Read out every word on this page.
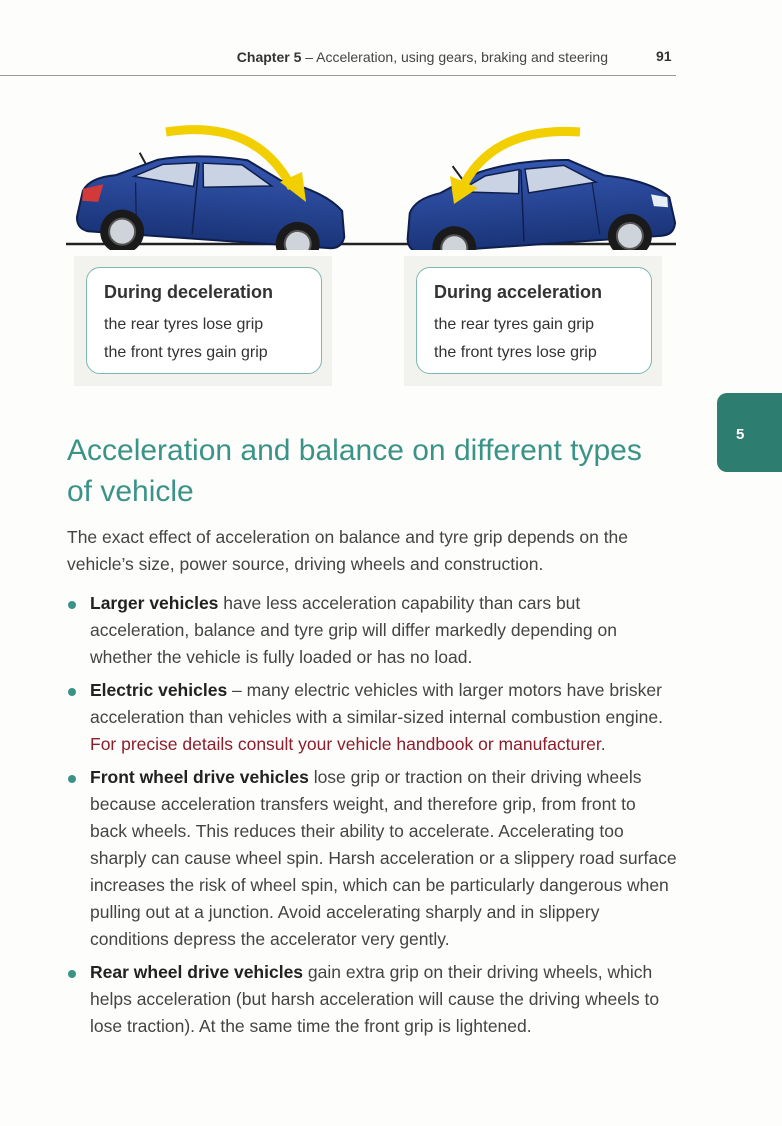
Chapter 5 – Acceleration, using gears, braking and steering	91
During deceleration
the rear tyres lose grip
the front tyres gain grip
During acceleration
the rear tyres gain grip
the front tyres lose grip
5
Acceleration and balance on different types of vehicle

The exact effect of acceleration on balance and tyre grip depends on the vehicle’s size, power source, driving wheels and construction.

Larger vehicles have less acceleration capability than cars but acceleration, balance and tyre grip will differ markedly depending on whether the vehicle is fully loaded or has no load.
Electric vehicles – many electric vehicles with larger motors have brisker acceleration than vehicles with a similar-sized internal combustion engine. For precise details consult your vehicle handbook or manufacturer.
Front wheel drive vehicles lose grip or traction on their driving wheels because acceleration transfers weight, and therefore grip, from front to back wheels. This reduces their ability to accelerate. Accelerating too sharply can cause wheel spin. Harsh acceleration or a slippery road surface increases the risk of wheel spin, which can be particularly dangerous when pulling out at a junction. Avoid accelerating sharply and in slippery conditions depress the accelerator very gently.
Rear wheel drive vehicles gain extra grip on their driving wheels, which helps acceleration (but harsh acceleration will cause the driving wheels to lose traction). At the same time the front grip is lightened.
